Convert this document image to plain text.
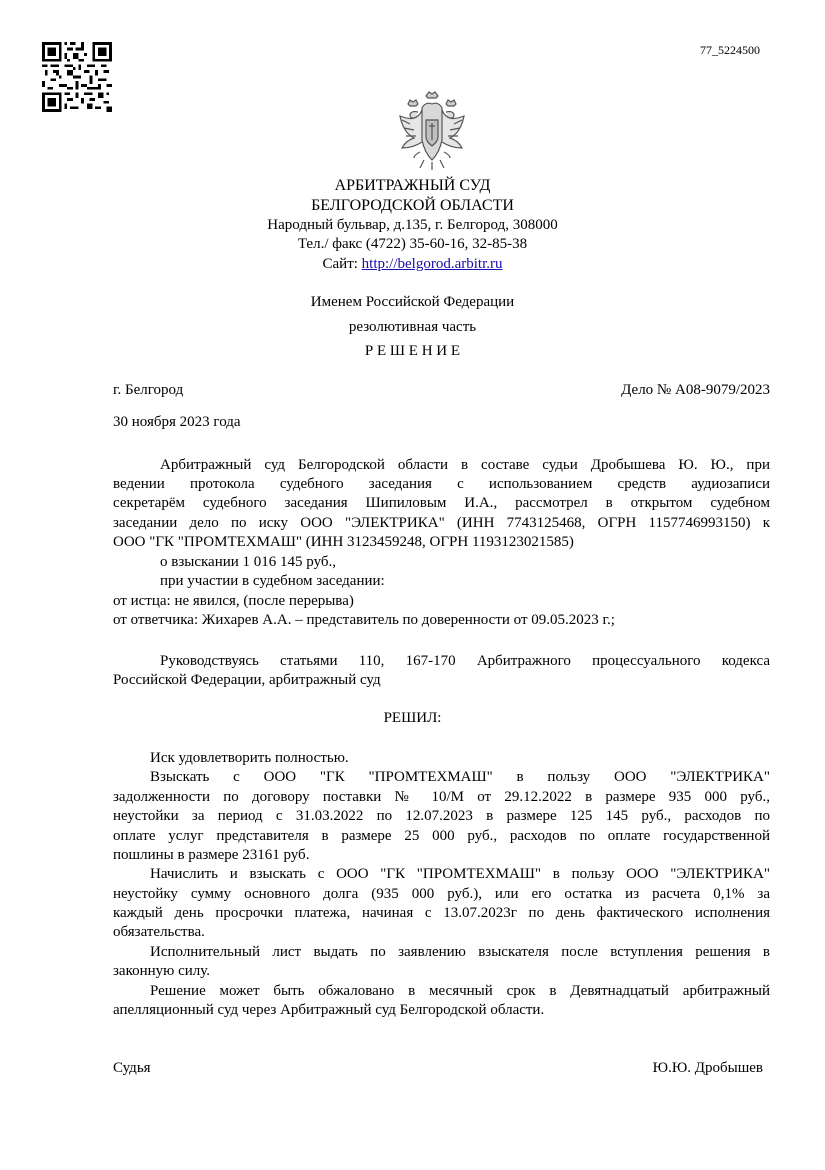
77_5224500
АРБИТРАЖНЫЙ СУД
БЕЛГОРОДСКОЙ ОБЛАСТИ
Народный бульвар, д.135, г. Белгород, 308000
Тел./ факс (4722) 35-60-16, 32-85-38
Сайт: http://belgorod.arbitr.ru
Именем Российской Федерации
резолютивная часть
Р Е Ш Е Н И Е
г. Белгород	Дело № А08-9079/2023
30 ноября 2023 года
Арбитражный суд Белгородской области в составе судьи Дробышева Ю. Ю., при
ведении протокола судебного заседания с использованием средств аудиозаписи
секретарём судебного заседания Шипиловым И.А., рассмотрел в открытом судебном
заседании дело по иску ООО "ЭЛЕКТРИКА" (ИНН 7743125468, ОГРН 1157746993150) к
ООО "ГК "ПРОМТЕХМАШ" (ИНН 3123459248, ОГРН 1193123021585)
о взыскании 1 016 145 руб.,
при участии в судебном заседании:
от истца: не явился, (после перерыва)
от ответчика: Жихарев А.А. – представитель по доверенности от 09.05.2023 г.;
Руководствуясь статьями 110, 167-170 Арбитражного процессуального кодекса
Российской Федерации, арбитражный суд
РЕШИЛ:
Иск удовлетворить полностью.
Взыскать с ООО "ГК "ПРОМТЕХМАШ" в пользу ООО "ЭЛЕКТРИКА"
задолженности по договору поставки № 10/М от 29.12.2022 в размере 935 000 руб.,
неустойки за период с 31.03.2022 по 12.07.2023 в размере 125 145 руб., расходов по
оплате услуг представителя в размере 25 000 руб., расходов по оплате государственной
пошлины в размере 23161 руб.
Начислить и взыскать с ООО "ГК "ПРОМТЕХМАШ" в пользу ООО "ЭЛЕКТРИКА"
неустойку сумму основного долга (935 000 руб.), или его остатка из расчета 0,1% за
каждый день просрочки платежа, начиная с 13.07.2023г по день фактического исполнения
обязательства.
Исполнительный лист выдать по заявлению взыскателя после вступления решения в
законную силу.
Решение может быть обжаловано в месячный срок в Девятнадцатый арбитражный
апелляционный суд через Арбитражный суд Белгородской области.
Судья	Ю.Ю. Дробышев
